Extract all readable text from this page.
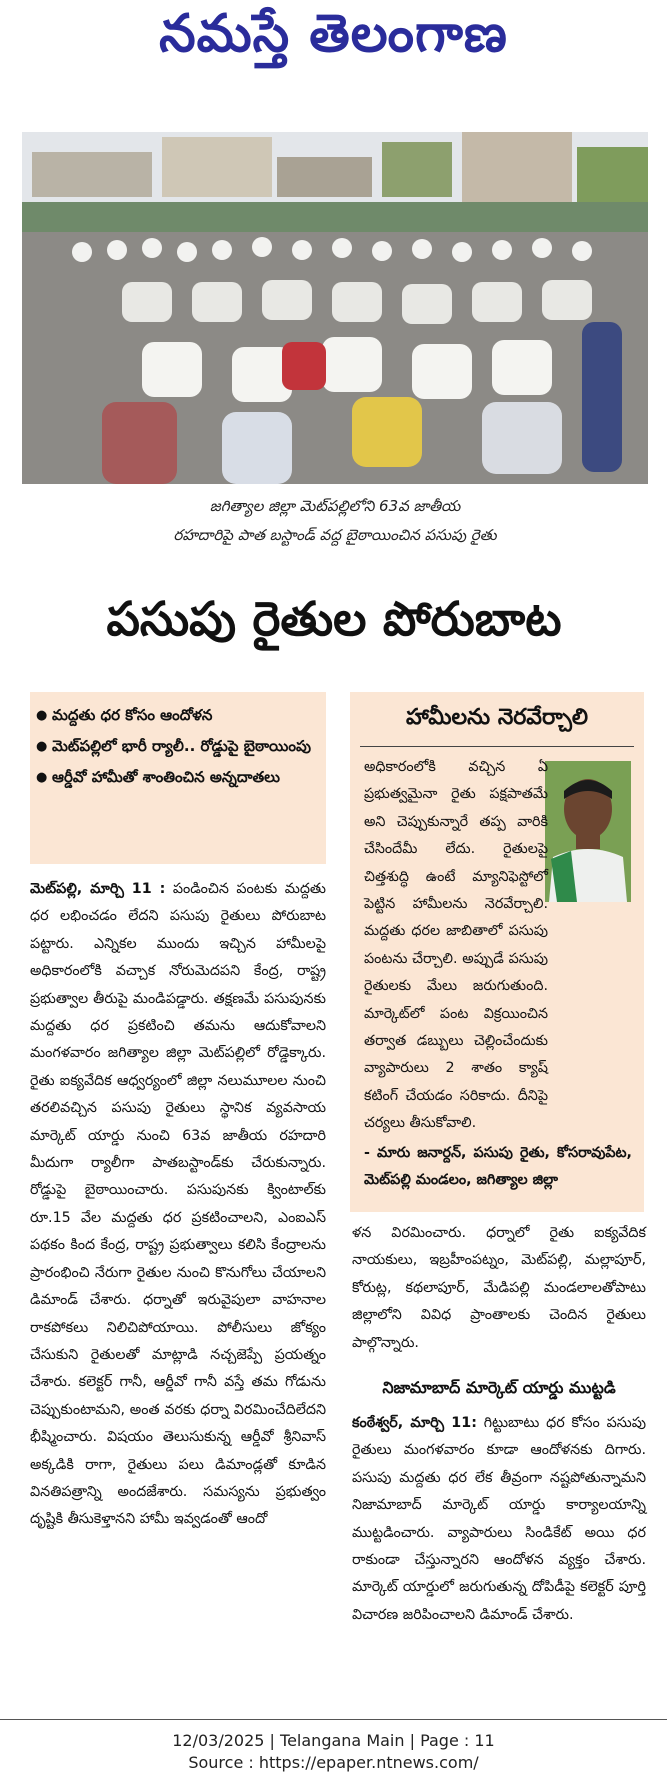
నమస్తే తెలంగాణ
జగిత్యాల జిల్లా మెట్‌పల్లిలోని 63వ జాతీయ
రహదారిపై పాత బస్టాండ్ వద్ద బైఠాయించిన పసుపు రైతు
పసుపు రైతుల పోరుబాట
● మద్దతు ధర కోసం ఆందోళన
● మెట్‌పల్లిలో భారీ ర్యాలీ.. రోడ్డుపై బైఠాయింపు
● ఆర్డీవో హామీతో శాంతించిన అన్నదాతలు

మెట్‌పల్లి, మార్చి 11 : పండించిన పంటకు మద్దతు ధర లభించడం లేదని పసుపు రైతులు పోరుబాట పట్టారు. ఎన్నికల ముందు ఇచ్చిన హామీలపై అధికారంలోకి వచ్చాక నోరుమెదపని కేంద్ర, రాష్ట్ర ప్రభుత్వాల తీరుపై మండిపడ్డారు. తక్షణమే పసుపునకు మద్దతు ధర ప్రకటించి తమను ఆదుకోవాలని మంగళవారం జగిత్యాల జిల్లా మెట్‌పల్లిలో రోడ్డెక్కారు. రైతు ఐక్యవేదిక ఆధ్వర్యంలో జిల్లా నలుమూలల నుంచి తరలివచ్చిన పసుపు రైతులు స్థానిక వ్యవసాయ మార్కెట్ యార్డు నుంచి 63వ జాతీయ రహదారి మీదుగా ర్యాలీగా పాతబస్టాండ్‌కు చేరుకున్నారు. రోడ్డుపై బైఠాయించారు. పసుపునకు క్వింటాల్‌కు రూ.15 వేల మద్దతు ధర ప్రకటించాలని, ఎంఐఎస్ పథకం కింద కేంద్ర, రాష్ట్ర ప్రభుత్వాలు కలిసి కేంద్రాలను ప్రారంభించి నేరుగా రైతుల నుంచి కొనుగోలు చేయాలని డిమాండ్ చేశారు. ధర్నాతో ఇరువైపులా వాహనాల రాకపోకలు నిలిచిపోయాయి. పోలీసులు జోక్యం చేసుకుని రైతులతో మాట్లాడి నచ్చజెప్పే ప్రయత్నం చేశారు. కలెక్టర్ గానీ, ఆర్డీవో గానీ వస్తే తమ గోడును చెప్పుకుంటామని, అంత వరకు ధర్నా విరమించేదిలేదని భీష్మించారు. విషయం తెలుసుకున్న ఆర్డీవో శ్రీనివాస్ అక్కడికి రాగా, రైతులు పలు డిమాండ్లతో కూడిన వినతిపత్రాన్ని అందజేశారు. సమస్యను ప్రభుత్వం దృష్టికి తీసుకెళ్తానని హామీ ఇవ్వడంతో ఆందో

హామీలను నెరవేర్చాలి
అధికారంలోకి వచ్చిన ఏ ప్రభుత్వమైనా రైతు పక్షపాతమే అని చెప్పుకున్నారే తప్ప వారికి చేసిందేమీ లేదు. రైతులపై చిత్తశుద్ధి ఉంటే మ్యానిఫెస్టోలో పెట్టిన హామీలను నెరవేర్చాలి. మద్దతు ధరల జాబితాలో పసుపు పంటను చేర్చాలి. అప్పుడే పసుపు రైతులకు మేలు జరుగుతుంది. మార్కెట్‌లో పంట విక్రయించిన తర్వాత డబ్బులు చెల్లించేందుకు వ్యాపారులు 2 శాతం క్యాష్ కటింగ్ చేయడం సరికాదు. దీనిపై చర్యలు తీసుకోవాలి.
- మారు జనార్దన్, పసుపు రైతు, కోసరావుపేట, మెట్‌పల్లి మండలం, జగిత్యాల జిల్లా

ళన విరమించారు. ధర్నాలో రైతు ఐక్యవేదిక నాయకులు, ఇబ్రహీంపట్నం, మెట్‌పల్లి, మల్లాపూర్, కోరుట్ల, కథలాపూర్, మేడిపల్లి మండలాలతోపాటు జిల్లాలోని వివిధ ప్రాంతాలకు చెందిన రైతులు పాల్గొన్నారు.

నిజామాబాద్ మార్కెట్ యార్డు ముట్టడి

కంఠేశ్వర్, మార్చి 11: గిట్టుబాటు ధర కోసం పసుపు రైతులు మంగళవారం కూడా ఆందోళనకు దిగారు. పసుపు మద్దతు ధర లేక తీవ్రంగా నష్టపోతున్నామని నిజామాబాద్ మార్కెట్ యార్డు కార్యాలయాన్ని ముట్టడించారు. వ్యాపారులు సిండికేట్ అయి ధర రాకుండా చేస్తున్నారని ఆందోళన వ్యక్తం చేశారు. మార్కెట్ యార్డులో జరుగుతున్న దోపిడీపై కలెక్టర్ పూర్తి విచారణ జరిపించాలని డిమాండ్ చేశారు.

12/03/2025 | Telangana Main | Page : 11
Source : https://epaper.ntnews.com/
